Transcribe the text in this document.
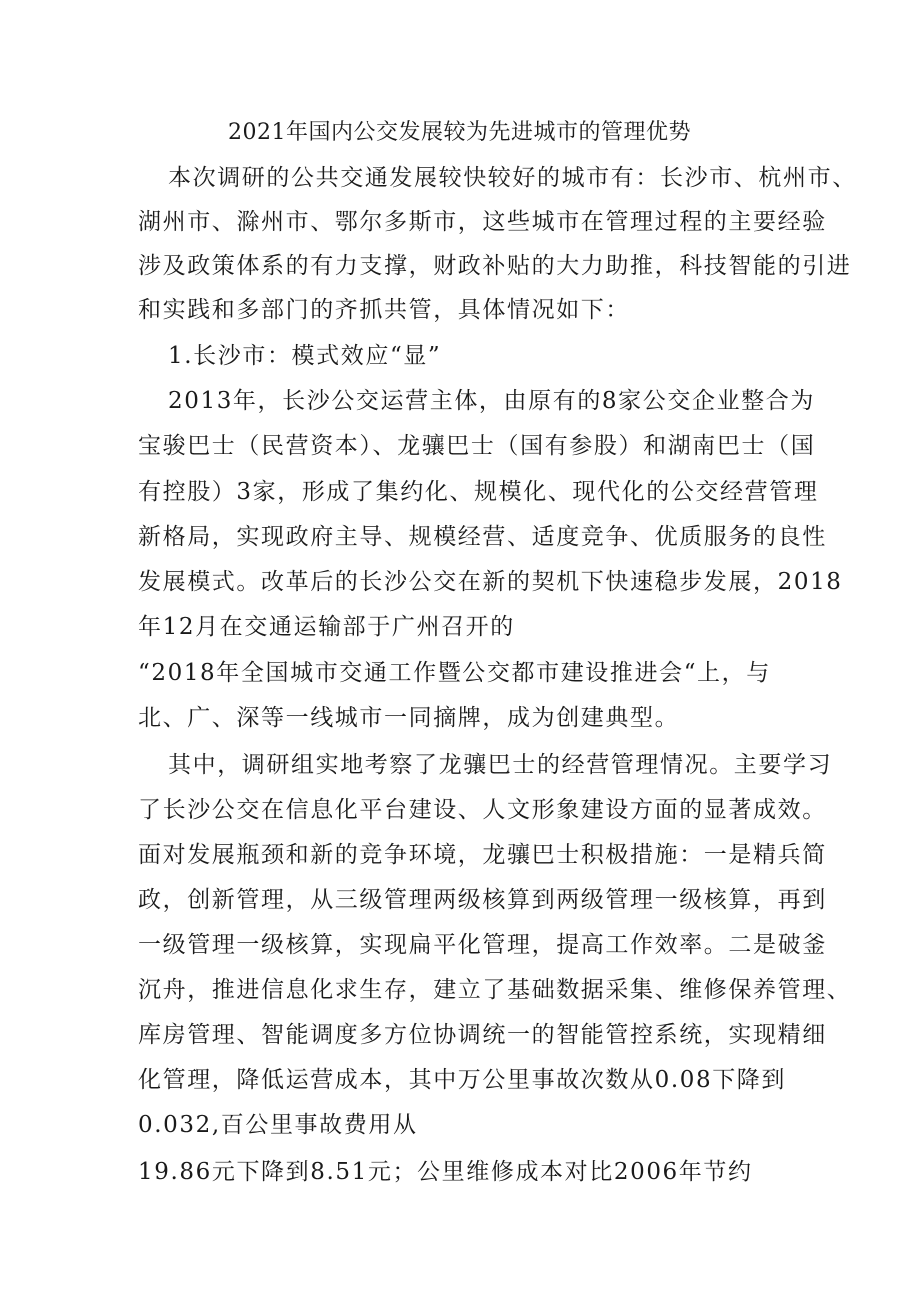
2021年国内公交发展较为先进城市的管理优势
本次调研的公共交通发展较快较好的城市有：长沙市、杭州市、
湖州市、滁州市、鄂尔多斯市，这些城市在管理过程的主要经验
涉及政策体系的有力支撑，财政补贴的大力助推，科技智能的引进
和实践和多部门的齐抓共管，具体情况如下：
1.长沙市：模式效应“显”
2013年，长沙公交运营主体，由原有的8家公交企业整合为
宝骏巴士（民营资本）、龙骧巴士（国有参股）和湖南巴士（国
有控股）3家，形成了集约化、规模化、现代化的公交经营管理
新格局，实现政府主导、规模经营、适度竞争、优质服务的良性
发展模式。改革后的长沙公交在新的契机下快速稳步发展，2018
年12月在交通运输部于广州召开的
“2018年全国城市交通工作暨公交都市建设推进会“上，与
北、广、深等一线城市一同摘牌，成为创建典型。
其中，调研组实地考察了龙骧巴士的经营管理情况。主要学习
了长沙公交在信息化平台建设、人文形象建设方面的显著成效。
面对发展瓶颈和新的竞争环境，龙骧巴士积极措施：一是精兵简
政，创新管理，从三级管理两级核算到两级管理一级核算，再到
一级管理一级核算，实现扁平化管理，提高工作效率。二是破釜
沉舟，推进信息化求生存，建立了基础数据采集、维修保养管理、
库房管理、智能调度多方位协调统一的智能管控系统，实现精细
化管理，降低运营成本，其中万公里事故次数从0.08下降到
0.032,百公里事故费用从
19.86元下降到8.51元；公里维修成本对比2006年节约
